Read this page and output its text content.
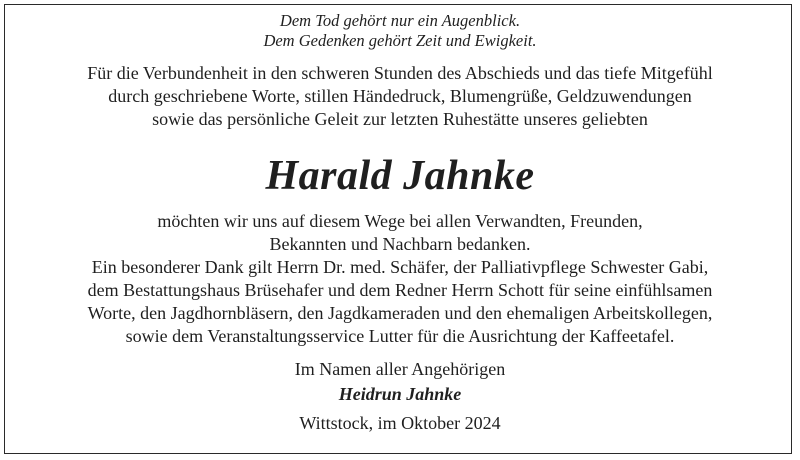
Dem Tod gehört nur ein Augenblick.
Dem Gedenken gehört Zeit und Ewigkeit.
Für die Verbundenheit in den schweren Stunden des Abschieds und das tiefe Mitgefühl
durch geschriebene Worte, stillen Händedruck, Blumengrüße, Geldzuwendungen
sowie das persönliche Geleit zur letzten Ruhestätte unseres geliebten
Harald Jahnke
möchten wir uns auf diesem Wege bei allen Verwandten, Freunden,
Bekannten und Nachbarn bedanken.
Ein besonderer Dank gilt Herrn Dr. med. Schäfer, der Palliativpflege Schwester Gabi,
dem Bestattungshaus Brüsehafer und dem Redner Herrn Schott für seine einfühlsamen
Worte, den Jagdhornbläsern, den Jagdkameraden und den ehemaligen Arbeitskollegen,
sowie dem Veranstaltungsservice Lutter für die Ausrichtung der Kaffeetafel.
Im Namen aller Angehörigen
Heidrun Jahnke
Wittstock, im Oktober 2024
